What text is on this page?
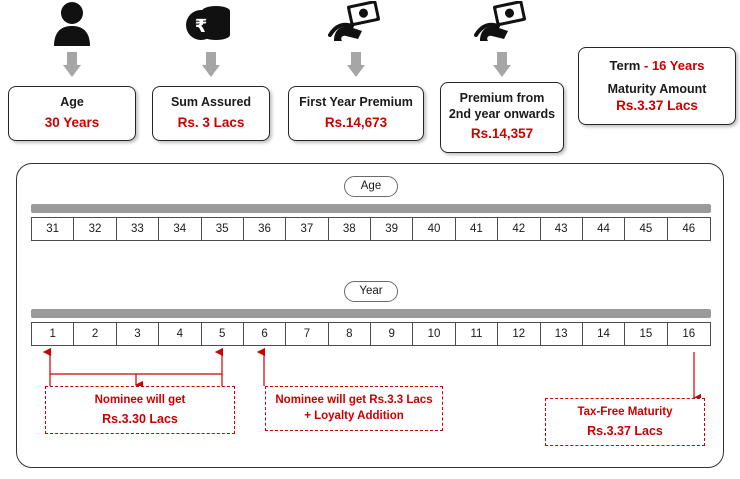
Age
30 Years
₹
Sum Assured
Rs. 3 Lacs
First Year Premium
Rs.14,673
Premium from 2nd year onwards
Rs.14,357
Term - 16 Years
Maturity Amount
Rs.3.37 Lacs
Age
31	32	33	34	35	36	37	38	39	40	41	42	43	44	45	46
Year
1	2	3	4	5	6	7	8	9	10	11	12	13	14	15	16
Nominee will get
Rs.3.30 Lacs
Nominee will get Rs.3.3 Lacs
+ Loyalty Addition	Tax-Free Maturity
Rs.3.37 Lacs
